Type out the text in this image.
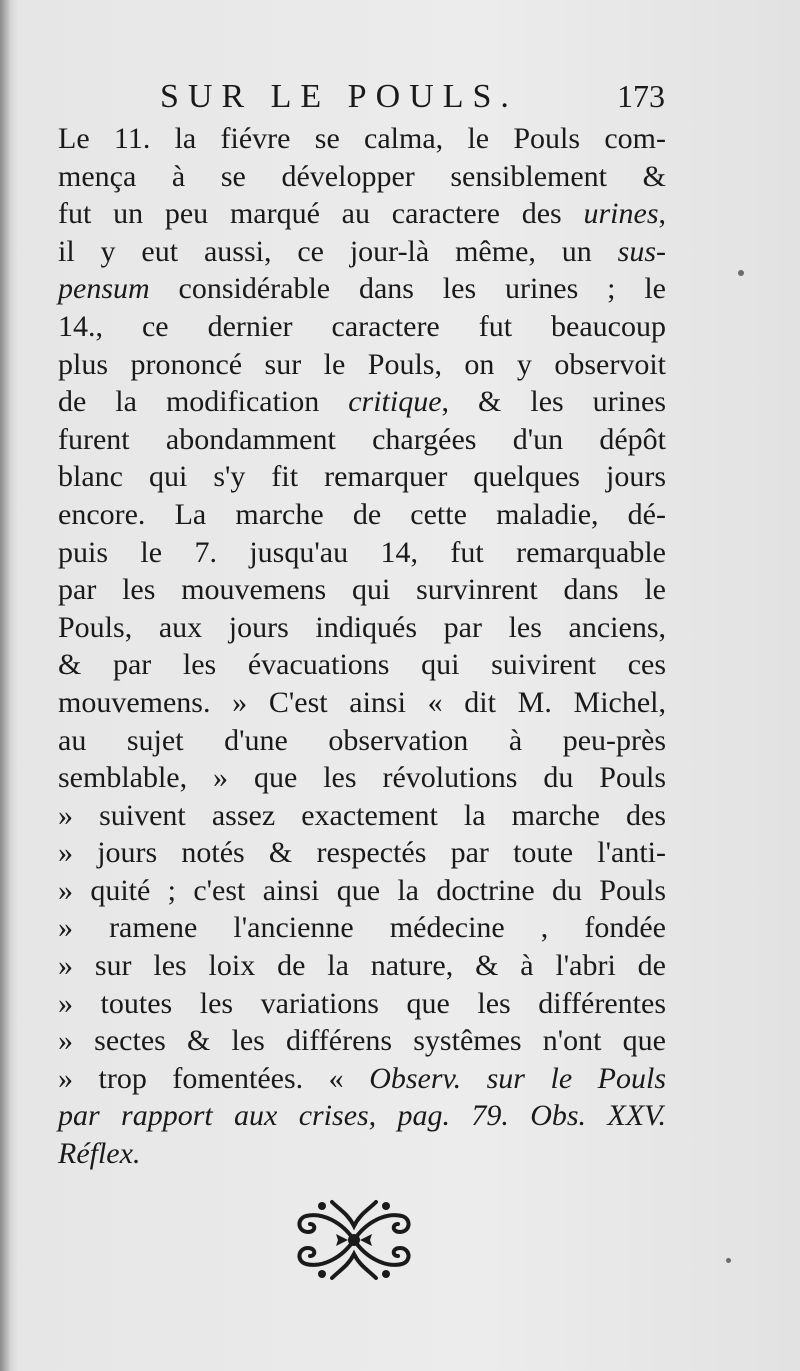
SUR LE POULS.	173
Le 11. la fiévre se calma, le Pouls com-
mença à se développer sensiblement &
fut un peu marqué au caractere des urines,
il y eut aussi, ce jour-là même, un sus-
pensum considérable dans les urines ; le
14., ce dernier caractere fut beaucoup
plus prononcé sur le Pouls, on y observoit
de la modification critique, & les urines
furent abondamment chargées d'un dépôt
blanc qui s'y fit remarquer quelques jours
encore. La marche de cette maladie, dé-
puis le 7. jusqu'au 14, fut remarquable
par les mouvemens qui survinrent dans le
Pouls, aux jours indiqués par les anciens,
& par les évacuations qui suivirent ces
mouvemens. » C'est ainsi « dit M. Michel,
au sujet d'une observation à peu-près
semblable, » que les révolutions du Pouls
» suivent assez exactement la marche des
» jours notés & respectés par toute l'anti-
» quité ; c'est ainsi que la doctrine du Pouls
» ramene l'ancienne médecine , fondée
» sur les loix de la nature, & à l'abri de
» toutes les variations que les différentes
» sectes & les différens systêmes n'ont que
» trop fomentées. « Observ. sur le Pouls
par rapport aux crises, pag. 79. Obs. XXV.
Réflex.
